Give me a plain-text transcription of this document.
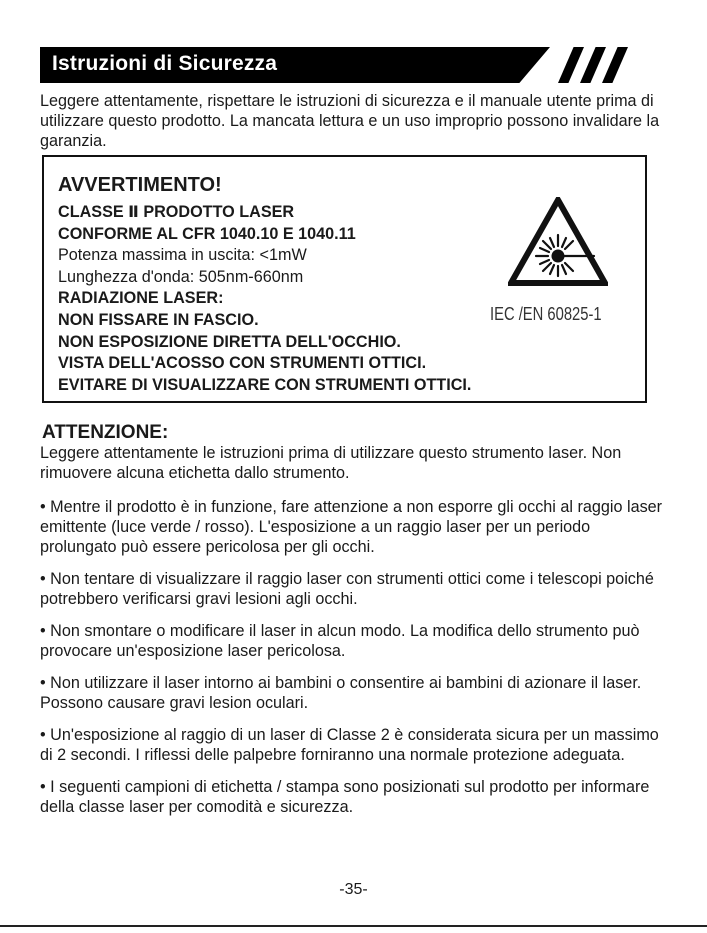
Istruzioni di Sicurezza
Leggere attentamente, rispettare le istruzioni di sicurezza e il manuale utente prima di utilizzare questo prodotto. La mancata lettura e un uso improprio possono invalidare la garanzia.
AVVERTIMENTO!
CLASSE Ⅱ PRODOTTO LASER
CONFORME AL CFR 1040.10 E 1040.11
Potenza massima in uscita: <1mW
Lunghezza d'onda: 505nm-660nm
RADIAZIONE LASER:
NON FISSARE IN FASCIO.
NON ESPOSIZIONE DIRETTA DELL'OCCHIO.
VISTA DELL'ACOSSO CON STRUMENTI OTTICI.
EVITARE DI VISUALIZZARE CON STRUMENTI OTTICI.
IEC /EN 60825-1
ATTENZIONE:
Leggere attentamente le istruzioni prima di utilizzare questo strumento laser. Non rimuovere alcuna etichetta dallo strumento.
• Mentre il prodotto è in funzione, fare attenzione a non esporre gli occhi al raggio laser emittente (luce verde / rosso). L'esposizione a un raggio laser per un periodo prolungato può essere pericolosa per gli occhi.
• Non tentare di visualizzare il raggio laser con strumenti ottici come i telescopi poiché potrebbero verificarsi gravi lesioni agli occhi.
• Non smontare o modificare il laser in alcun modo. La modifica dello strumento può provocare un'esposizione laser pericolosa.
• Non utilizzare il laser intorno ai bambini o consentire ai bambini di azionare il laser. Possono causare gravi lesion oculari.
• Un'esposizione al raggio di un laser di Classe 2 è considerata sicura per un massimo di 2 secondi. I riflessi delle palpebre forniranno una normale protezione adeguata.
• I seguenti campioni di etichetta / stampa sono posizionati sul prodotto per informare della classe laser per comodità e sicurezza.
-35-
